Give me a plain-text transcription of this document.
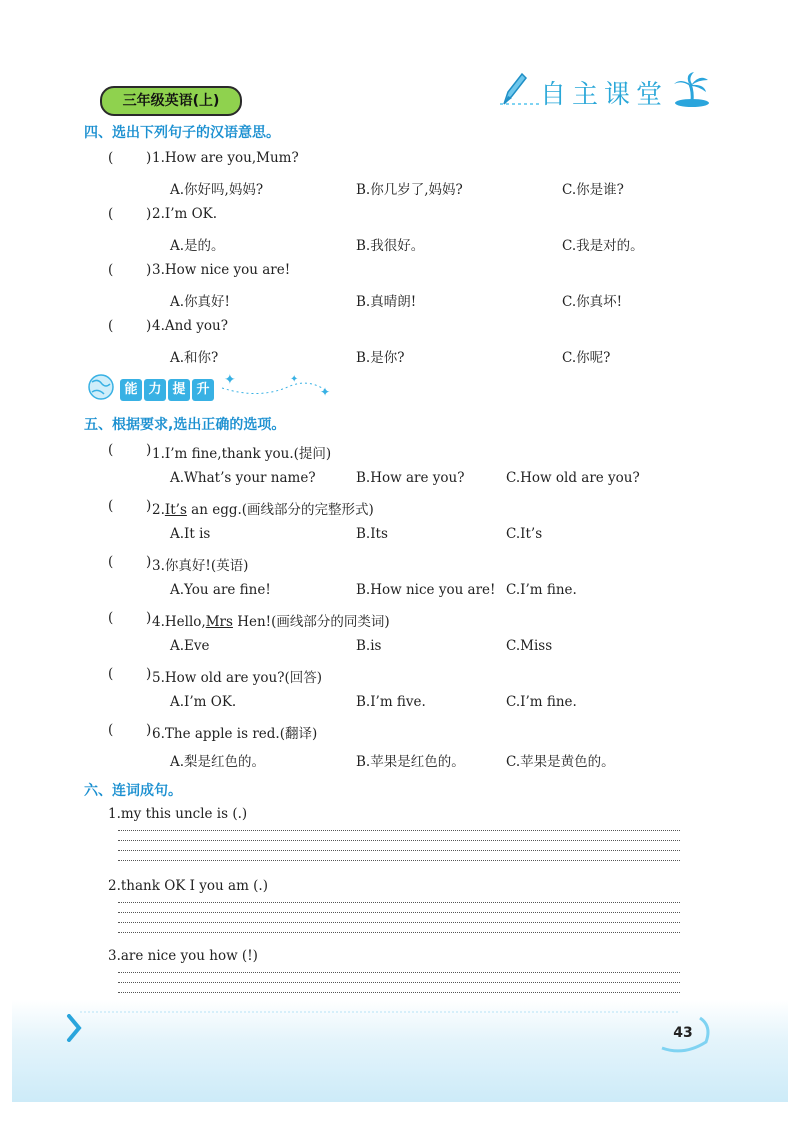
三年级英语(上)	自主课堂
四、选出下列句子的汉语意思。
( ) 1.How are you,Mum?
A.你好吗,妈妈?	B.你几岁了,妈妈?	C.你是谁?
( ) 2.I’m OK.
A.是的。	B.我很好。	C.我是对的。
( ) 3.How nice you are!
A.你真好!	B.真晴朗!	C.你真坏!
( ) 4.And you?
A.和你?	B.是你?	C.你呢?
能 力 提 升
✦	✦
✦
五、根据要求,选出正确的选项。
( ) 1.I’m fine,thank you.(提问)
A.What’s your name?	B.How are you?	C.How old are you?
( ) 2.It’s an egg.(画线部分的完整形式)
A.It is	B.Its	C.It’s
( ) 3.你真好!(英语)
A.You are fine!	B.How nice you are! C.I’m fine.
( ) 4.Hello,Mrs Hen!(画线部分的同类词)
A.Eve	B.is	C.Miss
( ) 5.How old are you?(回答)
A.I’m OK.	B.I’m five.	C.I’m fine.
( ) 6.The apple is red.(翻译)
A.梨是红色的。	B.苹果是红色的。	C.苹果是黄色的。
六、连词成句。
1.my this uncle is (.)
2.thank OK I you am (.)
3.are nice you how (!)
43
